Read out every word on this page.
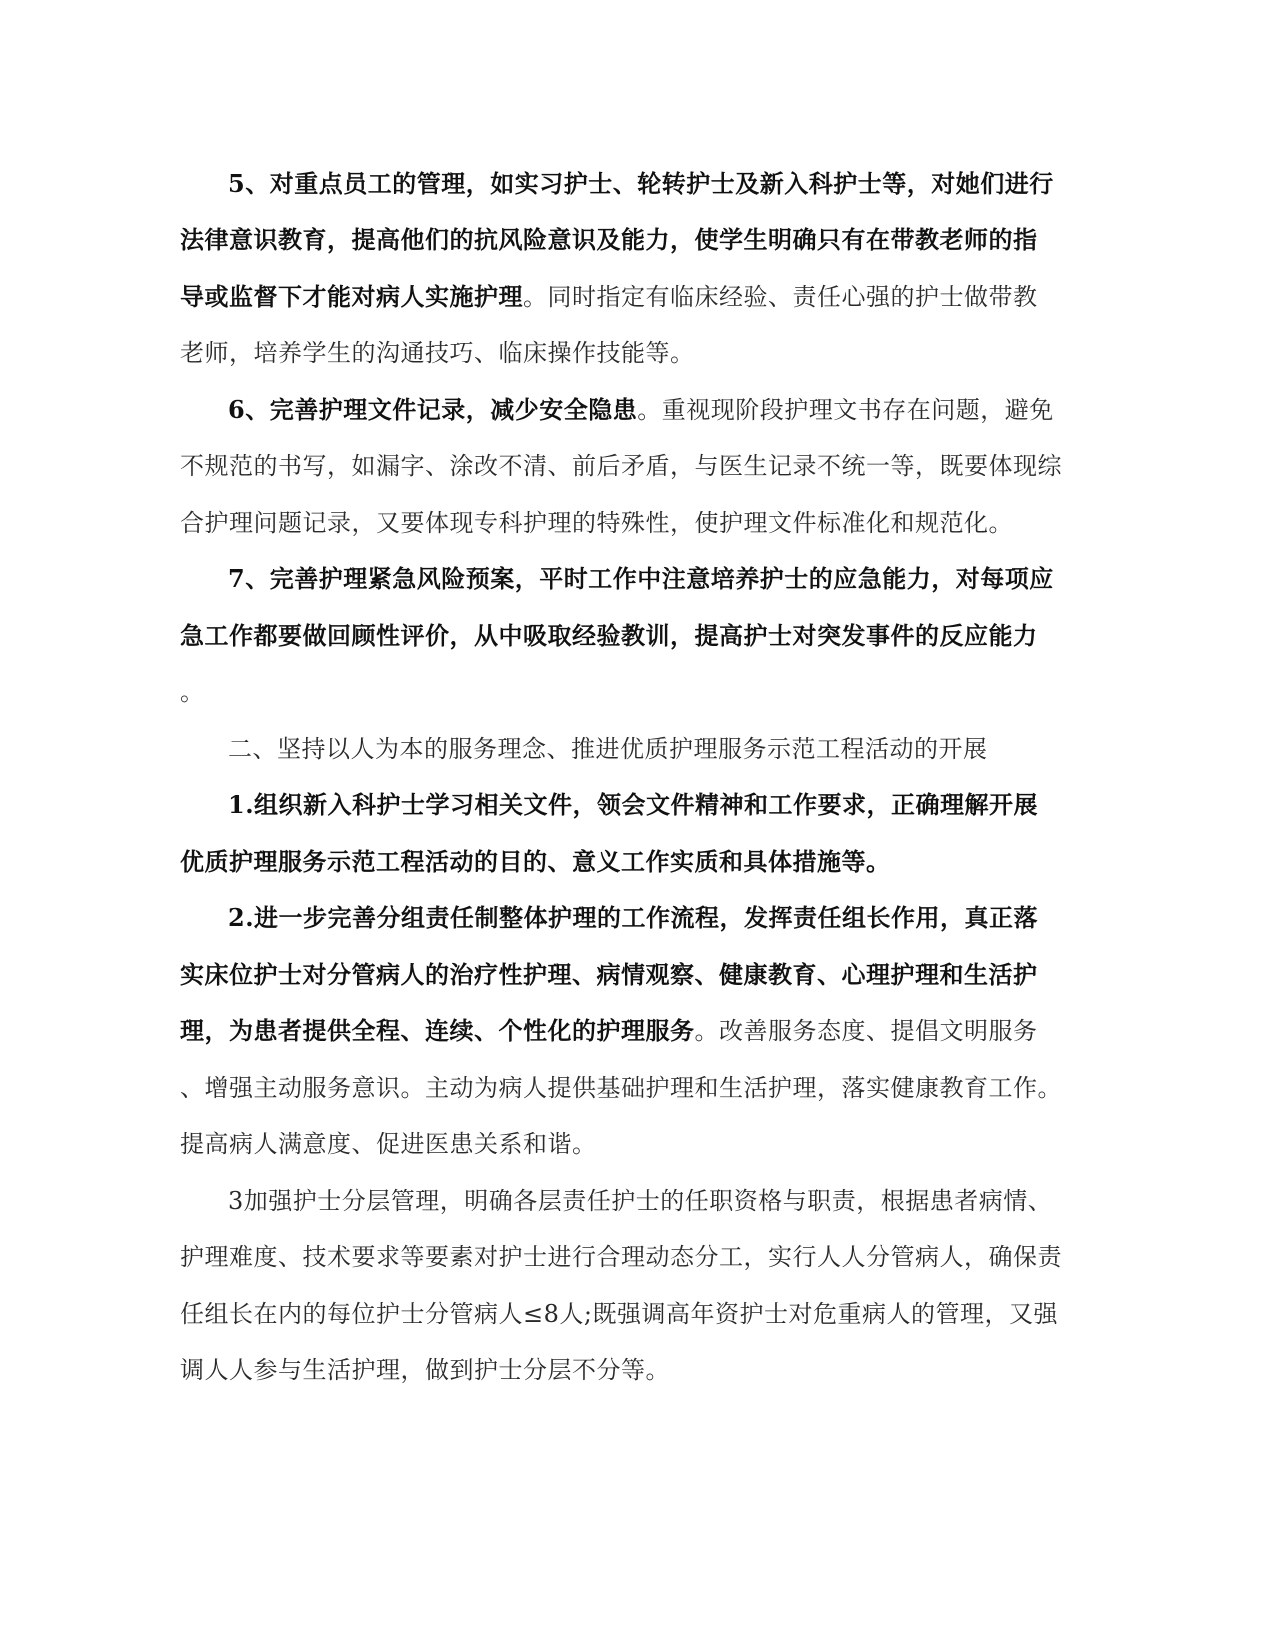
5、对重点员工的管理，如实习护士、轮转护士及新入科护士等，对她们进行
法律意识教育，提高他们的抗风险意识及能力，使学生明确只有在带教老师的指
导或监督下才能对病人实施护理。同时指定有临床经验、责任心强的护士做带教
老师，培养学生的沟通技巧、临床操作技能等。
6、完善护理文件记录，减少安全隐患。重视现阶段护理文书存在问题，避免
不规范的书写，如漏字、涂改不清、前后矛盾，与医生记录不统一等，既要体现综
合护理问题记录，又要体现专科护理的特殊性，使护理文件标准化和规范化。
7、完善护理紧急风险预案，平时工作中注意培养护士的应急能力，对每项应
急工作都要做回顾性评价，从中吸取经验教训，提高护士对突发事件的反应能力
。
二、坚持以人为本的服务理念、推进优质护理服务示范工程活动的开展
1.组织新入科护士学习相关文件，领会文件精神和工作要求，正确理解开展
优质护理服务示范工程活动的目的、意义工作实质和具体措施等。
2.进一步完善分组责任制整体护理的工作流程，发挥责任组长作用，真正落
实床位护士对分管病人的治疗性护理、病情观察、健康教育、心理护理和生活护
理，为患者提供全程、连续、个性化的护理服务。改善服务态度、提倡文明服务
、增强主动服务意识。主动为病人提供基础护理和生活护理，落实健康教育工作。
提高病人满意度、促进医患关系和谐。
3加强护士分层管理，明确各层责任护士的任职资格与职责，根据患者病情、
护理难度、技术要求等要素对护士进行合理动态分工，实行人人分管病人，确保责
任组长在内的每位护士分管病人≤8人;既强调高年资护士对危重病人的管理，又强
调人人参与生活护理，做到护士分层不分等。
